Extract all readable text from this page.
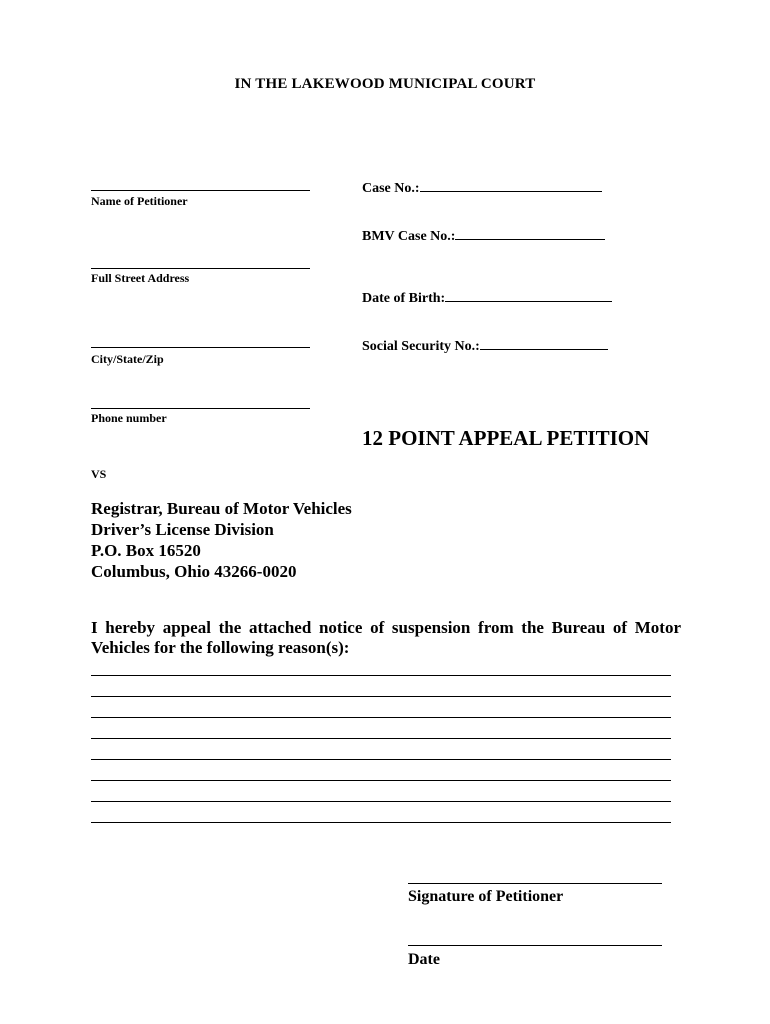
IN THE LAKEWOOD MUNICIPAL COURT
Name of Petitioner
Full Street Address
City/State/Zip
Phone number
Case No.:
BMV Case No.:
Date of Birth:
Social Security No.:
12 POINT APPEAL PETITION
VS
Registrar, Bureau of Motor Vehicles
Driver’s License Division
P.O. Box 16520
Columbus, Ohio 43266-0020
I hereby appeal the attached notice of suspension from the Bureau of Motor Vehicles for the following reason(s):
Signature of Petitioner
Date
